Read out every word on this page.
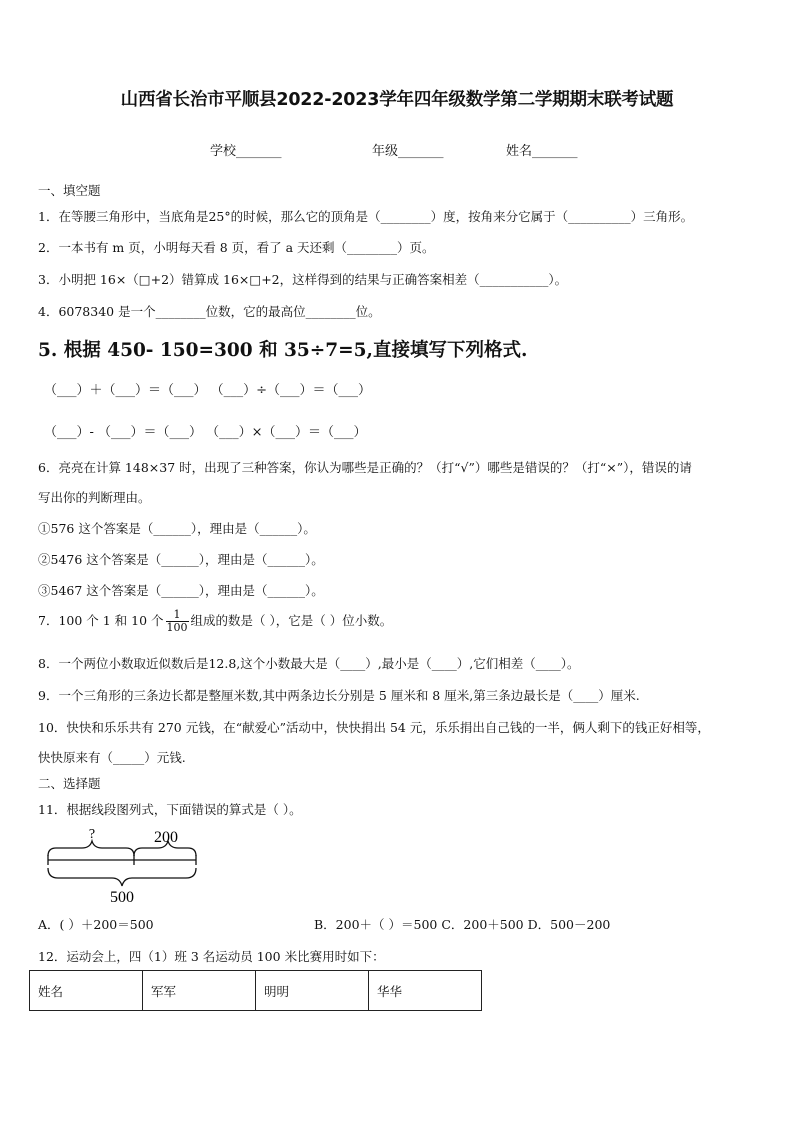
山西省长治市平顺县2022-2023学年四年级数学第二学期期末联考试题
学校_______	年级_______	姓名_______
一、填空题
1．在等腰三角形中，当底角是25°的时候，那么它的顶角是（________）度，按角来分它属于（__________）三角形。
2．一本书有 m 页，小明每天看 8 页，看了 a 天还剩（________）页。
3．小明把 16×（□+2）错算成 16×□+2，这样得到的结果与正确答案相差（___________）。
4．6078340 是一个________位数，它的最高位________位。
5. 根据 450- 150=300 和 35÷7=5,直接填写下列格式.
（___）＋（___）＝（___） （___）÷（___）＝（___）
（___）- （___）＝（___） （___）×（___）＝（___）
6．亮亮在计算 148×37 时，出现了三种答案，你认为哪些是正确的？（打“√”）哪些是错误的？（打“×”），错误的请
写出你的判断理由。
①576 这个答案是（______），理由是（______）。
②5476 这个答案是（______），理由是（______）。
③5467 这个答案是（______），理由是（______）。
7．100 个 1 和 10 个 $\frac{1}{100}$ 组成的数是（ ），它是（ ）位小数。
8．一个两位小数取近似数后是12.8,这个小数最大是（____）,最小是（____）,它们相差（____）。
9．一个三角形的三条边长都是整厘米数,其中两条边长分别是 5 厘米和 8 厘米,第三条边最长是（____）厘米.
10．快快和乐乐共有 270 元钱，在“献爱心”活动中，快快捐出 54 元，乐乐捐出自己钱的一半，俩人剩下的钱正好相等，
快快原来有（_____）元钱.
二、选择题
11．根据线段图列式，下面错误的算式是（ ）。
?	200
500
A．( ）＋200＝500	B．200＋（ ）＝500 C．200＋500 D．500－200
12．运动会上，四（1）班 3 名运动员 100 米比赛用时如下：
姓名	军军	明明	华华
